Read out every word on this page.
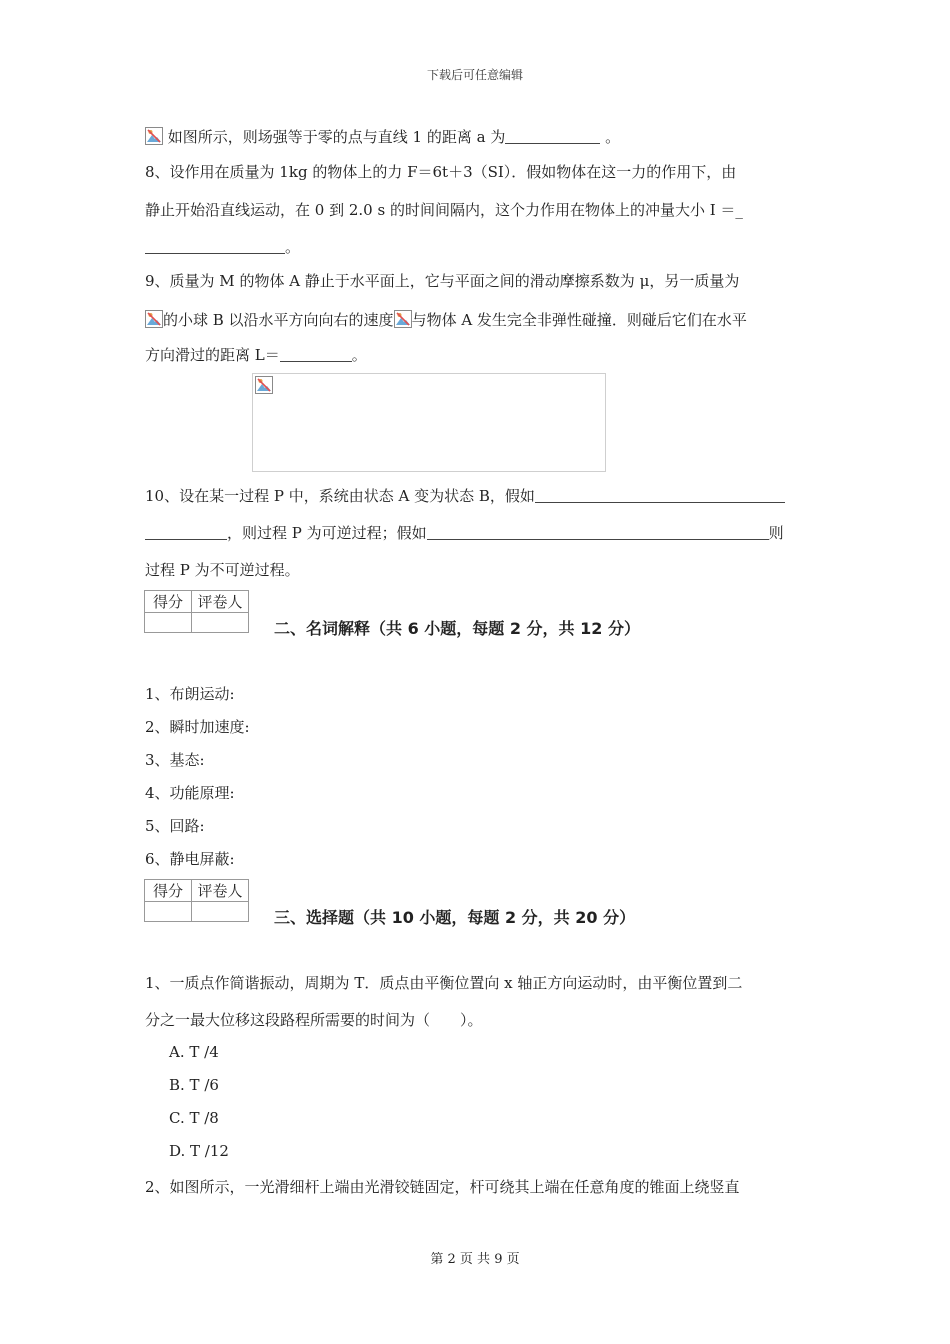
下载后可任意编辑
如图所示，则场强等于零的点与直线 1 的距离 a 为	。
8、设作用在质量为 1kg 的物体上的力 F＝6t＋3（SI）．假如物体在这一力的作用下，由
静止开始沿直线运动，在 0 到 2.0 s 的时间间隔内，这个力作用在物体上的冲量大小 I ＝_
。
9、质量为 M 的物体 A 静止于水平面上，它与平面之间的滑动摩擦系数为 μ，另一质量为
的小球 B 以沿水平方向向右的速度 与物体 A 发生完全非弹性碰撞．则碰后它们在水平
方向滑过的距离 L＝	。
10、设在某一过程 P 中，系统由状态 A 变为状态 B，假如
，则过程 P 为可逆过程；假如	则
过程 P 为不可逆过程。
得分	评卷人

二、名词解释（共 6 小题，每题 2 分，共 12 分）
1、布朗运动:
2、瞬时加速度:
3、基态:
4、功能原理:
5、回路:
6、静电屏蔽:
得分	评卷人

三、选择题（共 10 小题，每题 2 分，共 20 分）
1、一质点作简谐振动，周期为 T．质点由平衡位置向 x 轴正方向运动时，由平衡位置到二
分之一最大位移这段路程所需要的时间为（　　）。
A. T /4
B. T /6
C. T /8
D. T /12
2、如图所示，一光滑细杆上端由光滑铰链固定，杆可绕其上端在任意角度的锥面上绕竖直
第 2 页 共 9 页
